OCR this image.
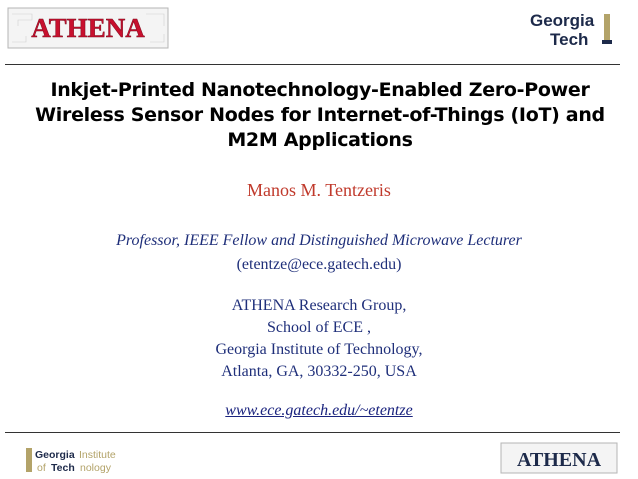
ATHENA	Georgia
Tech
Inkjet-Printed Nanotechnology-Enabled Zero-Power
Wireless Sensor Nodes for Internet-of-Things (IoT) and
M2M Applications
Manos M. Tentzeris
Professor, IEEE Fellow and Distinguished Microwave Lecturer
(etentze@ece.gatech.edu)
ATHENA Research Group,
School of ECE ,
Georgia Institute of Technology,
Atlanta, GA, 30332-250, USA
www.ece.gatech.edu/~etentze
Georgia Institute
of Tech nology	ATHENA
